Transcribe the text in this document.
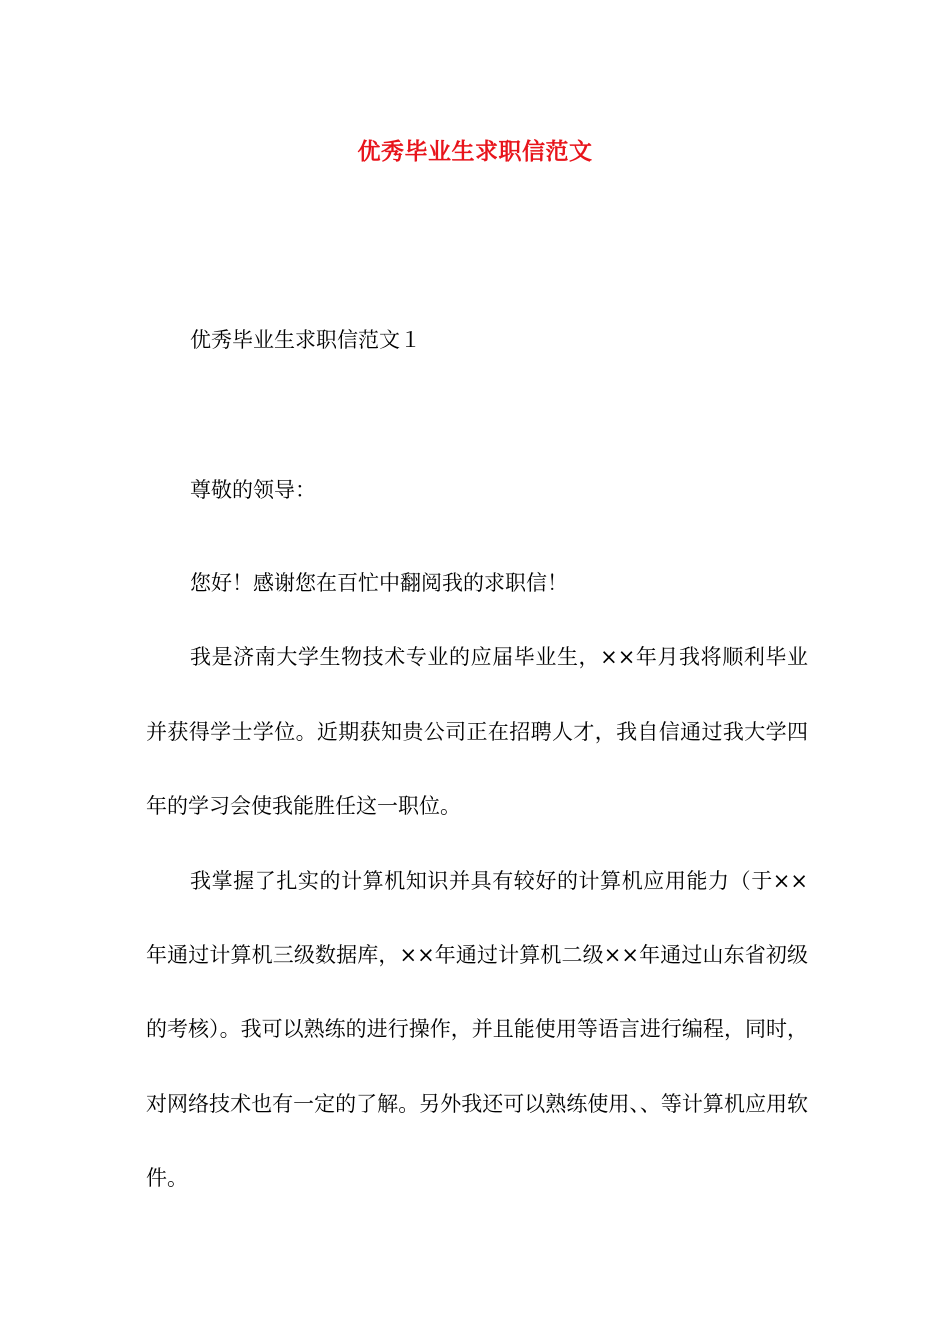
优秀毕业生求职信范文
优秀毕业生求职信范文１
尊敬的领导：

您好！感谢您在百忙中翻阅我的求职信！

我是济南大学生物技术专业的应届毕业生，××年月我将顺利毕业并获得学士学位。近期获知贵公司正在招聘人才，我自信通过我大学四年的学习会使我能胜任这一职位。

我掌握了扎实的计算机知识并具有较好的计算机应用能力（于××年通过计算机三级数据库，××年通过计算机二级××年通过山东省初级的考核）。我可以熟练的进行操作，并且能使用等语言进行编程，同时，对网络技术也有一定的了解。另外我还可以熟练使用、、等计算机应用软件。
